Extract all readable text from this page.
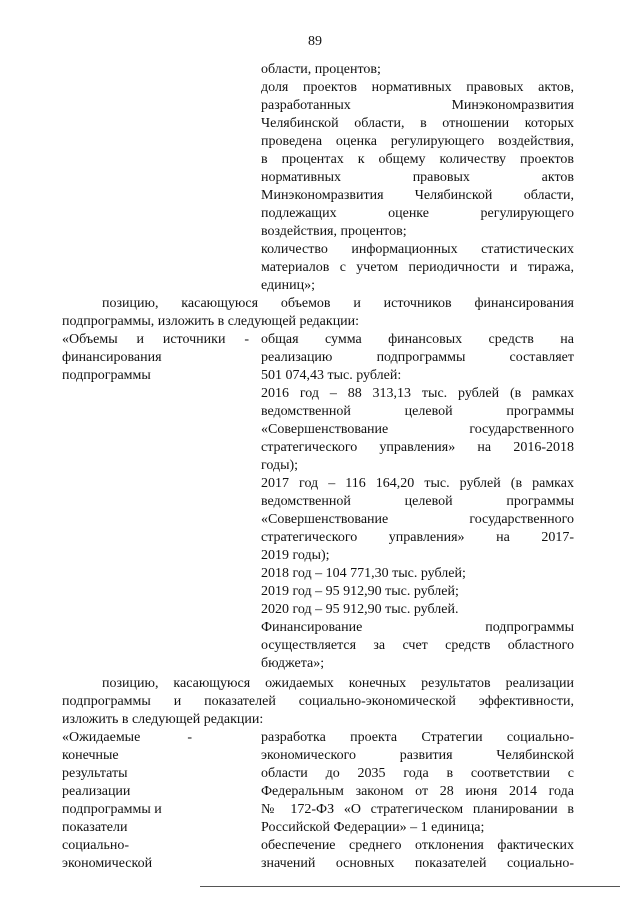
89
области, процентов;
доля проектов нормативных правовых актов,
разработанных Минэкономразвития
Челябинской области, в отношении которых
проведена оценка регулирующего воздействия,
в процентах к общему количеству проектов
нормативных правовых актов
Минэкономразвития Челябинской области,
подлежащих оценке регулирующего
воздействия, процентов;
количество информационных статистических
материалов с учетом периодичности и тиража,
единиц»;
позицию, касающуюся объемов и источников финансирования
подпрограммы, изложить в следующей редакции:
«Объемы и источники -
финансирования
подпрограммы
общая сумма финансовых средств на
реализацию подпрограммы составляет
501 074,43 тыс. рублей:
2016 год – 88 313,13 тыс. рублей (в рамках
ведомственной целевой программы
«Совершенствование государственного
стратегического управления» на 2016-2018
годы);
2017 год – 116 164,20 тыс. рублей (в рамках
ведомственной целевой программы
«Совершенствование государственного
стратегического управления» на 2017-
2019 годы);
2018 год – 104 771,30 тыс. рублей;
2019 год – 95 912,90 тыс. рублей;
2020 год – 95 912,90 тыс. рублей.
Финансирование подпрограммы
осуществляется за счет средств областного
бюджета»;
позицию, касающуюся ожидаемых конечных результатов реализации
подпрограммы и показателей социально-экономической эффективности,
изложить в следующей редакции:
«Ожидаемые -
конечные
результаты
реализации
подпрограммы и
показатели
социально-
экономической
разработка проекта Стратегии социально-
экономического развития Челябинской
области до 2035 года в соответствии с
Федеральным законом от 28 июня 2014 года
№ 172-ФЗ «О стратегическом планировании в
Российской Федерации» – 1 единица;
обеспечение среднего отклонения фактических
значений основных показателей социально-
